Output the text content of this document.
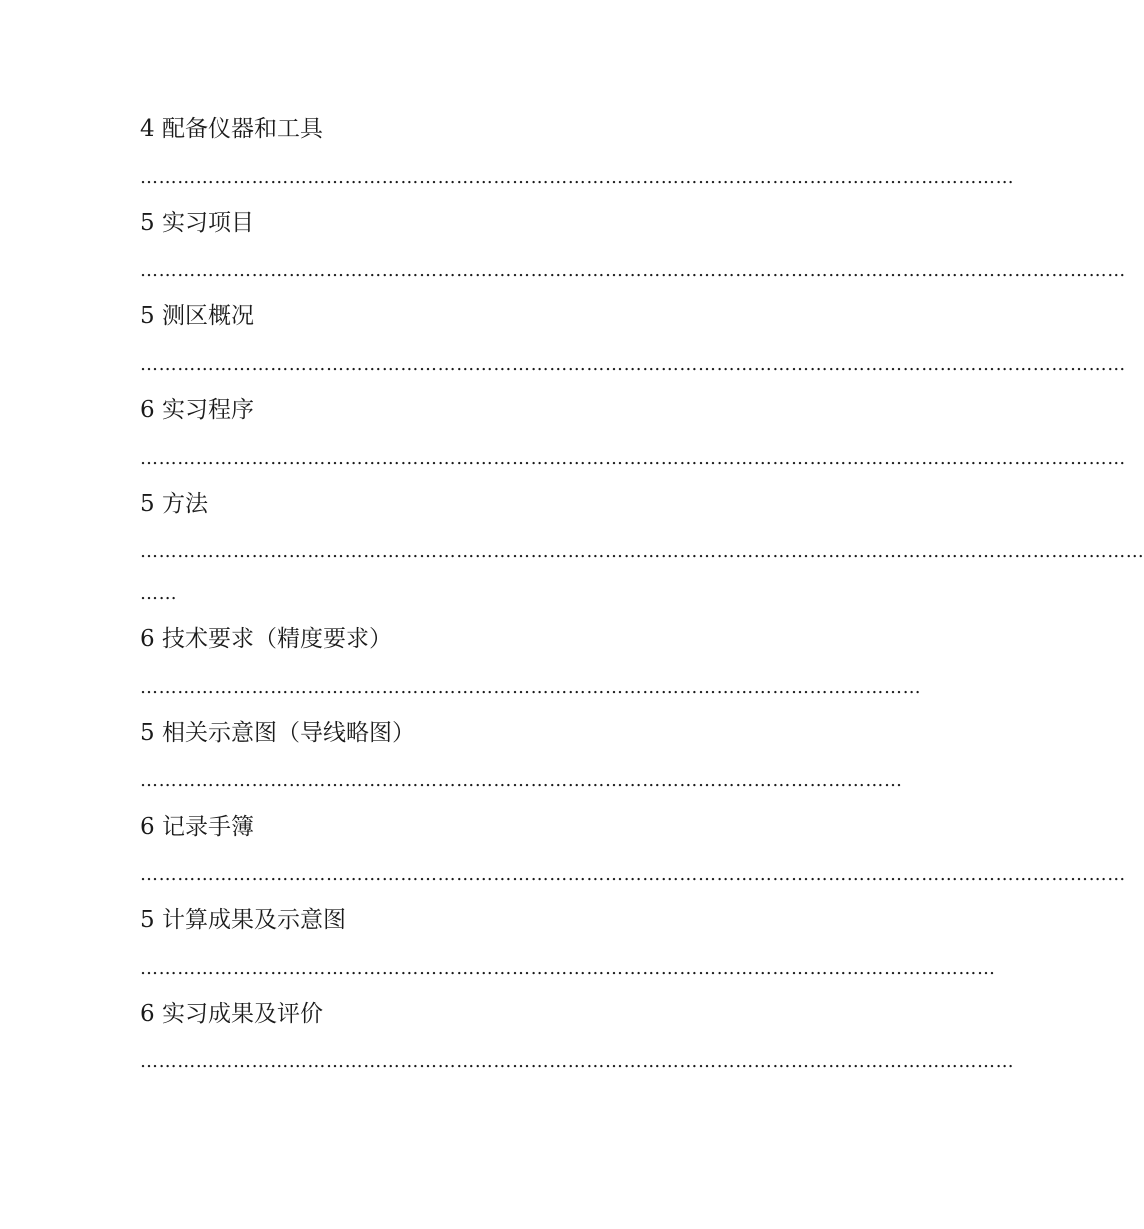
4 配备仪器和工具

……………………………………………………………………………………………………………………………

5 实习项目

……………………………………………………………………………………………………………………………………………

5 测区概况

……………………………………………………………………………………………………………………………………………

6 实习程序

……………………………………………………………………………………………………………………………………………

5 方法

………………………………………………………………………………………………………………………………………………

……

6 技术要求（精度要求）

………………………………………………………………………………………………………………

5 相关示意图（导线略图）

……………………………………………………………………………………………………………

6 记录手簿

……………………………………………………………………………………………………………………………………………

5 计算成果及示意图

…………………………………………………………………………………………………………………………

6 实习成果及评价

……………………………………………………………………………………………………………………………
